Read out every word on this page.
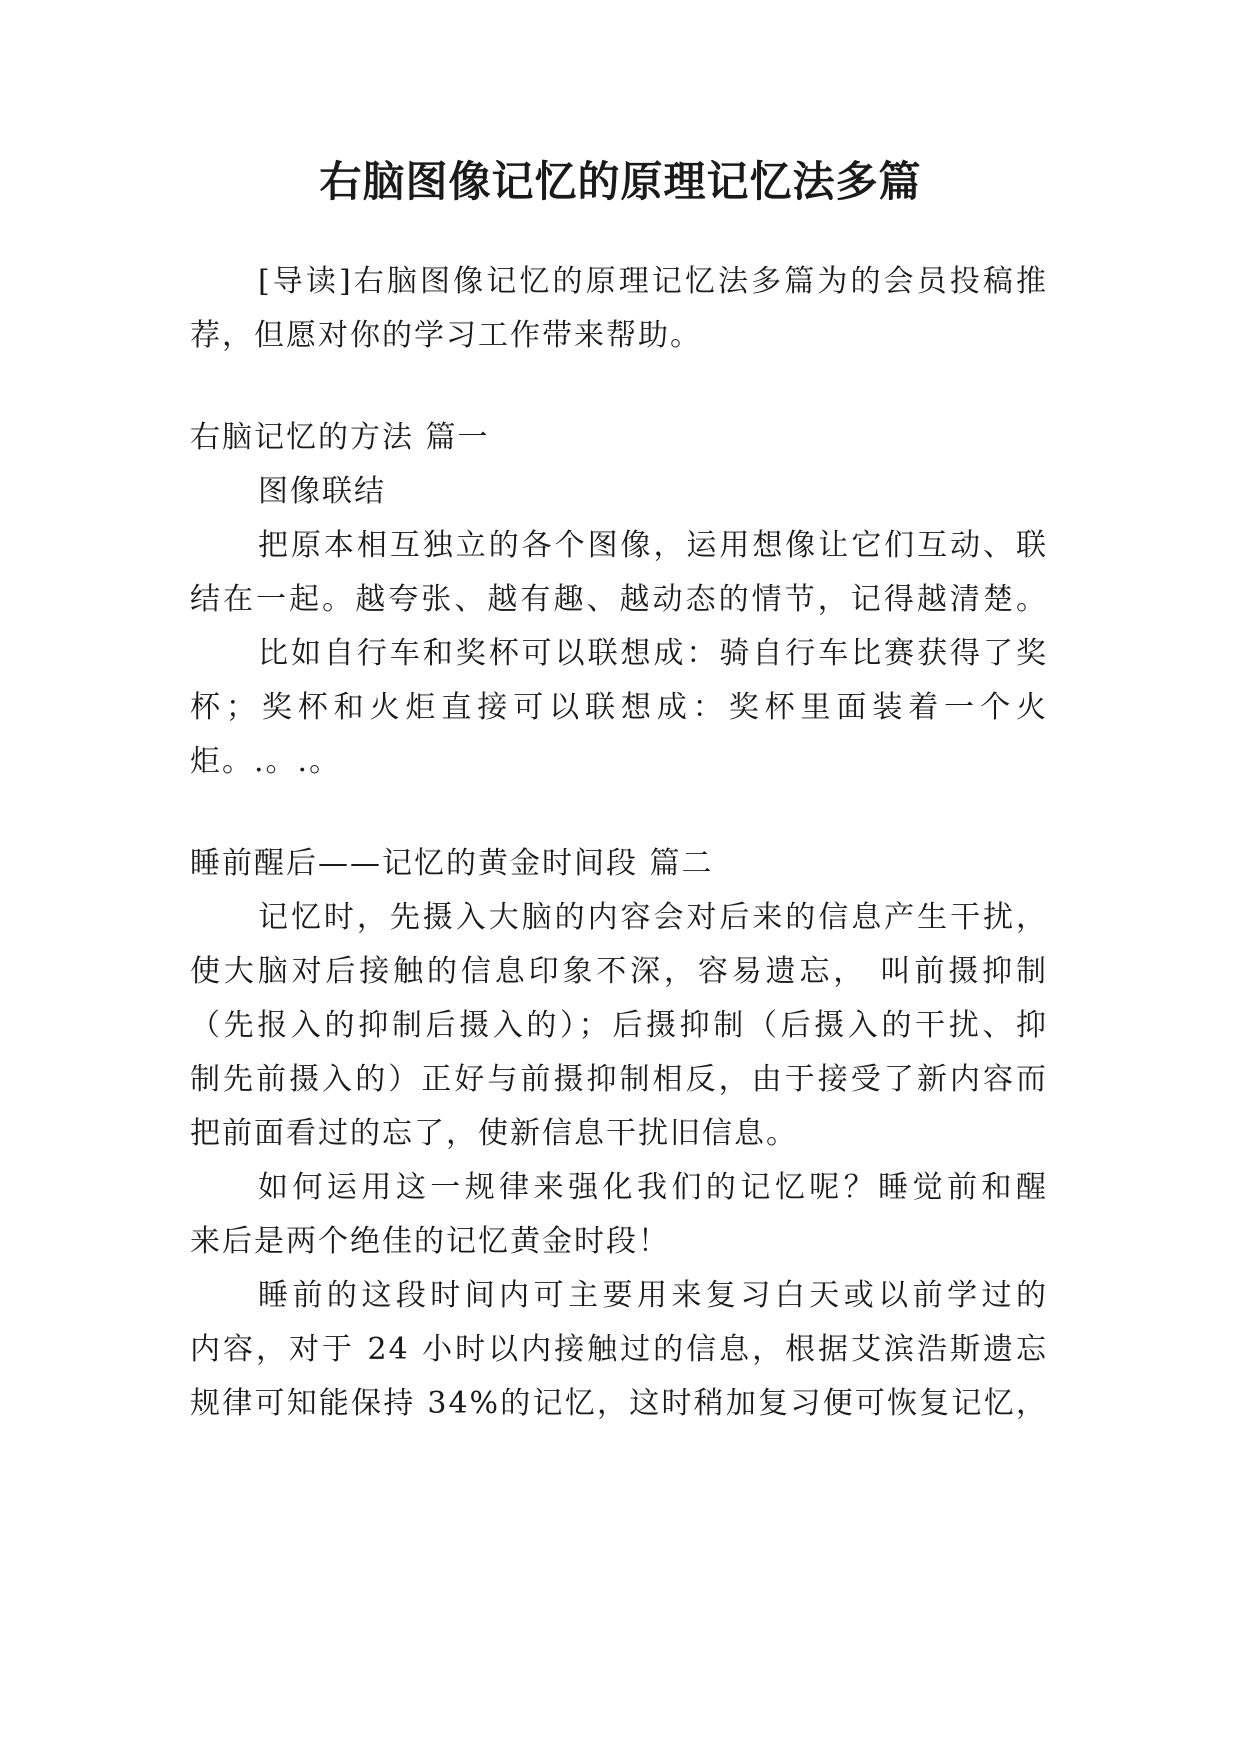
右脑图像记忆的原理记忆法多篇

[导读]右脑图像记忆的原理记忆法多篇为的会员投稿推

荐，但愿对你的学习工作带来帮助。

右脑记忆的方法 篇一

图像联结

把原本相互独立的各个图像，运用想像让它们互动、联

结在一起。越夸张、越有趣、越动态的情节，记得越清楚。

比如自行车和奖杯可以联想成：骑自行车比赛获得了奖

杯；奖杯和火炬直接可以联想成：奖杯里面装着一个火

炬。.。.。

睡前醒后——记忆的黄金时间段 篇二

记忆时，先摄入大脑的内容会对后来的信息产生干扰，

使大脑对后接触的信息印象不深，容易遗忘， 叫前摄抑制

（先报入的抑制后摄入的）；后摄抑制（后摄入的干扰、抑

制先前摄入的）正好与前摄抑制相反，由于接受了新内容而

把前面看过的忘了，使新信息干扰旧信息。

如何运用这一规律来强化我们的记忆呢？睡觉前和醒

来后是两个绝佳的记忆黄金时段！

睡前的这段时间内可主要用来复习白天或以前学过的

内容，对于 24 小时以内接触过的信息，根据艾滨浩斯遗忘

规律可知能保持 34%的记忆，这时稍加复习便可恢复记忆，
